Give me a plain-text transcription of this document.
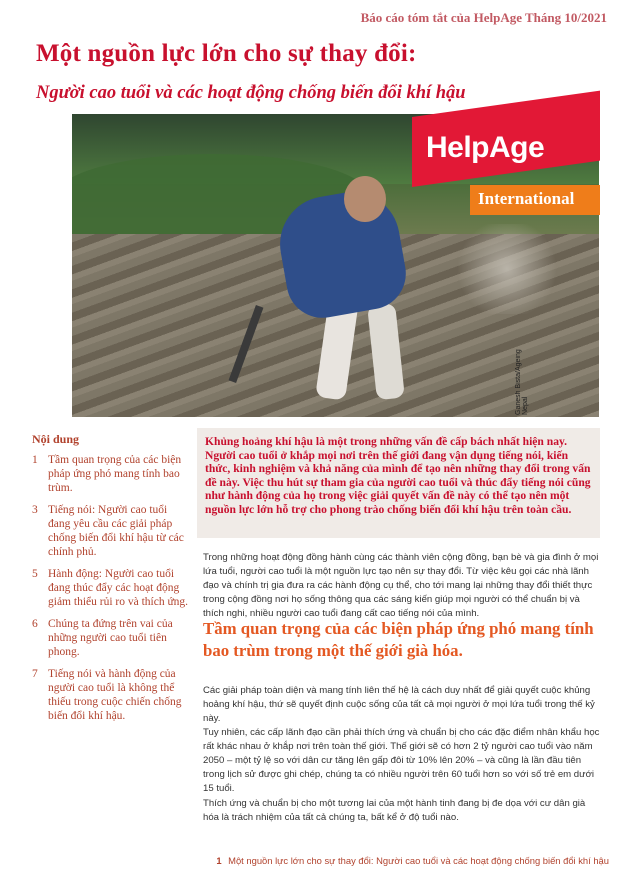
Báo cáo tóm tắt của HelpAge Tháng 10/2021
Một nguồn lực lớn cho sự thay đổi:
Người cao tuổi và các hoạt động chống biến đổi khí hậu
Ganesh Bista/Ageing Nepal
HelpAge
International
Nội dung
1 Tầm quan trọng của các biện pháp ứng phó mang tính bao trùm.
3 Tiếng nói: Người cao tuổi đang yêu cầu các giải pháp chống biến đổi khí hậu từ các chính phủ.
5 Hành động: Người cao tuổi đang thúc đẩy các hoạt động giảm thiểu rủi ro và thích ứng.
6 Chúng ta đứng trên vai của những người cao tuổi tiên phong.
7 Tiếng nói và hành động của người cao tuổi là không thể thiếu trong cuộc chiến chống biến đổi khí hậu.
Khủng hoảng khí hậu là một trong những vấn đề cấp bách nhất hiện nay. Người cao tuổi ở khắp mọi nơi trên thế giới đang vận dụng tiếng nói, kiến thức, kinh nghiệm và khả năng của mình để tạo nên những thay đổi trong vấn đề này. Việc thu hút sự tham gia của người cao tuổi và thúc đẩy tiếng nói cũng như hành động của họ trong việc giải quyết vấn đề này có thể tạo nên một nguồn lực lớn hỗ trợ cho phong trào chống biến đổi khí hậu trên toàn cầu.

Trong những hoạt động đồng hành cùng các thành viên cộng đồng, bạn bè và gia đình ở mọi lứa tuổi, người cao tuổi là một nguồn lực tạo nên sự thay đổi. Từ việc kêu gọi các nhà lãnh đạo và chính trị gia đưa ra các hành động cụ thể, cho tới mang lại những thay đổi thiết thực trong cộng đồng nơi họ sống thông qua các sáng kiến giúp mọi người có thể chuẩn bị và thích nghi, nhiều người cao tuổi đang cất cao tiếng nói của mình.

Tầm quan trọng của các biện pháp ứng phó mang tính bao trùm trong một thế giới già hóa.

Các giải pháp toàn diện và mang tính liên thế hệ là cách duy nhất để giải quyết cuộc khủng hoảng khí hậu, thứ sẽ quyết định cuộc sống của tất cả mọi người ở mọi lứa tuổi trong thế kỷ này.

Tuy nhiên, các cấp lãnh đạo cần phải thích ứng và chuẩn bị cho các đặc điểm nhân khẩu học rất khác nhau ở khắp nơi trên toàn thế giới. Thế giới sẽ có hơn 2 tỷ người cao tuổi vào năm 2050 – một tỷ lệ so với dân cư tăng lên gấp đôi từ 10% lên 20% – và cũng là lần đầu tiên trong lịch sử được ghi chép, chúng ta có nhiều người trên 60 tuổi hơn so với số trẻ em dưới 15 tuổi.

Thích ứng và chuẩn bị cho một tương lai của một hành tinh đang bị đe dọa với cư dân già hóa là trách nhiệm của tất cả chúng ta, bất kể ở độ tuổi nào.

1 Một nguồn lực lớn cho sự thay đổi: Người cao tuổi và các hoạt động chống biến đổi khí hậu
